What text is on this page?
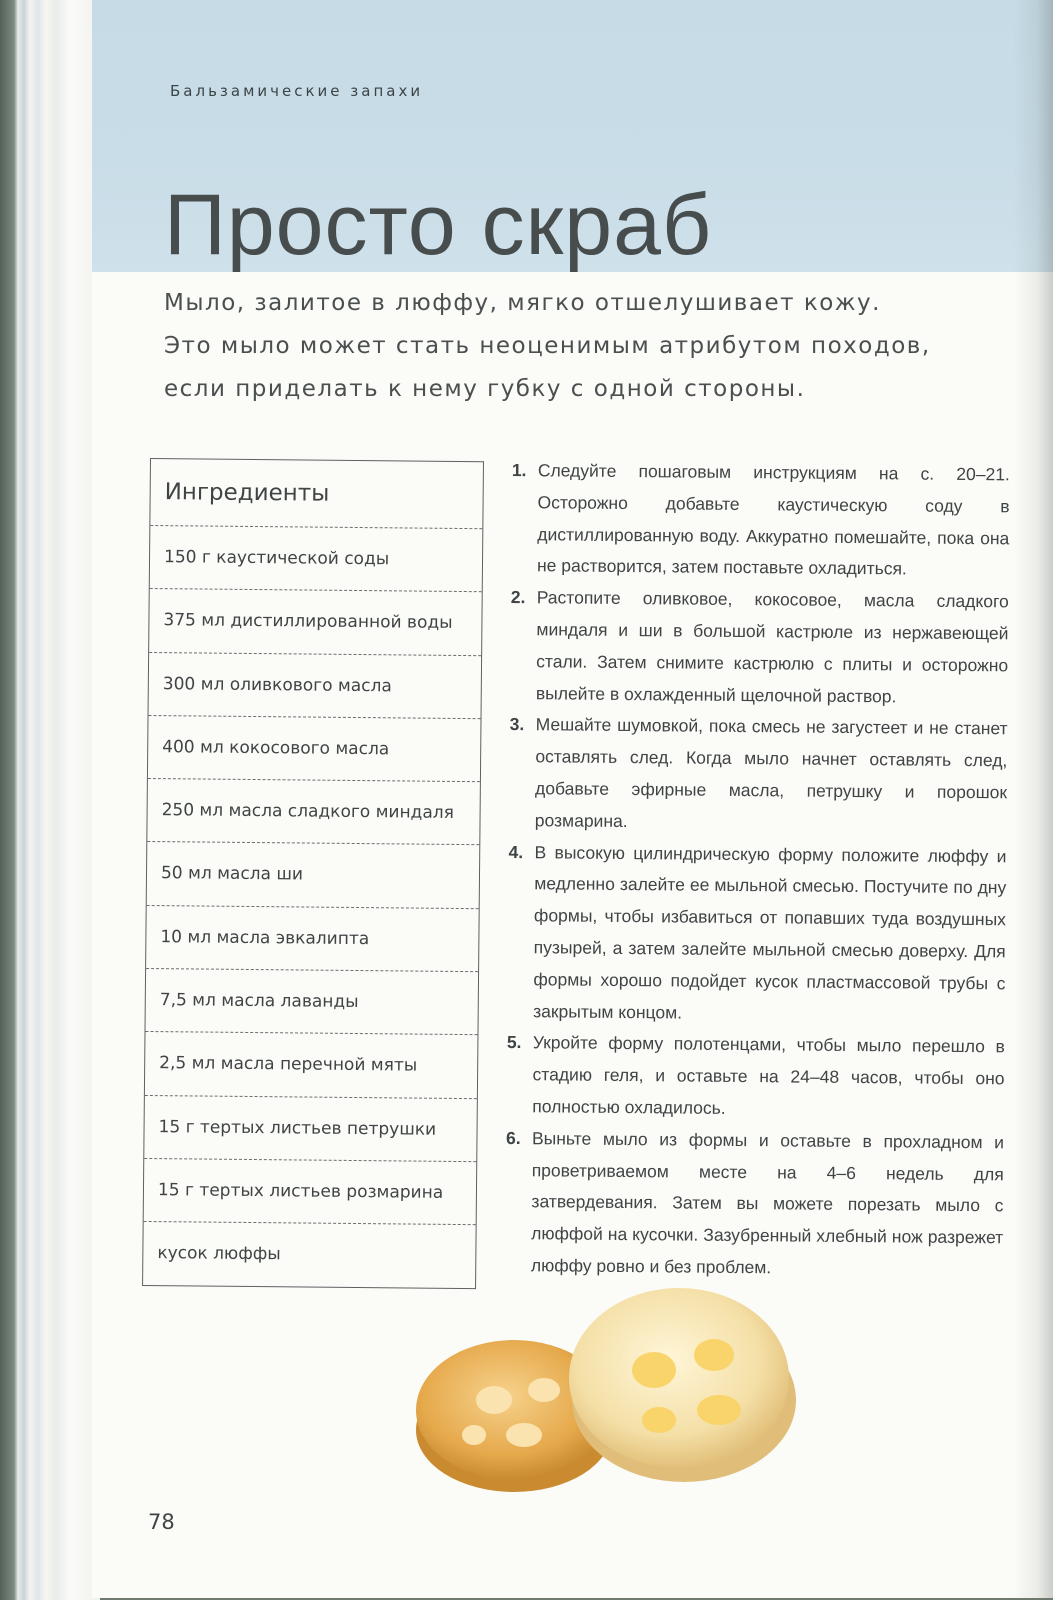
Бальзамические запахи
Просто скраб

Мыло, залитое в люффу, мягко отшелушивает кожу.

Это мыло может стать неоценимым атрибутом походов,

если приделать к нему губку с одной стороны.

Ингредиенты
150 г каустической соды
375 мл дистиллированной воды
300 мл оливкового масла
400 мл кокосового масла
250 мл масла сладкого миндаля
50 мл масла ши
10 мл масла эвкалипта
7,5 мл масла лаванды
2,5 мл масла перечной мяты
15 г тертых листьев петрушки
15 г тертых листьев розмарина
кусок люффы
1. Следуйте пошаговым инструкциям на с. 20–21. Осторожно добавьте каустическую соду в дистиллированную воду. Аккуратно помешайте, пока она не растворится, затем поставьте охладиться.
2. Растопите оливковое, кокосовое, масла сладкого миндаля и ши в большой кастрюле из нержавеющей стали. Затем снимите кастрюлю с плиты и осторожно вылейте в охлажденный щелочной раствор.
3. Мешайте шумовкой, пока смесь не загустеет и не станет оставлять след. Когда мыло начнет оставлять след, добавьте эфирные масла, петрушку и порошок розмарина.
4. В высокую цилиндрическую форму положите люффу и медленно залейте ее мыльной смесью. Постучите по дну формы, чтобы избавиться от попавших туда воздушных пузырей, а затем залейте мыльной смесью доверху. Для формы хорошо подойдет кусок пластмассовой трубы с закрытым концом.
5. Укройте форму полотенцами, чтобы мыло перешло в стадию геля, и оставьте на 24–48 часов, чтобы оно полностью охладилось.
6. Выньте мыло из формы и оставьте в прохладном и проветриваемом месте на 4–6 недель для затвердевания. Затем вы можете порезать мыло с люффой на кусочки. Зазубренный хлебный нож разрежет люффу ровно и без проблем.
78
